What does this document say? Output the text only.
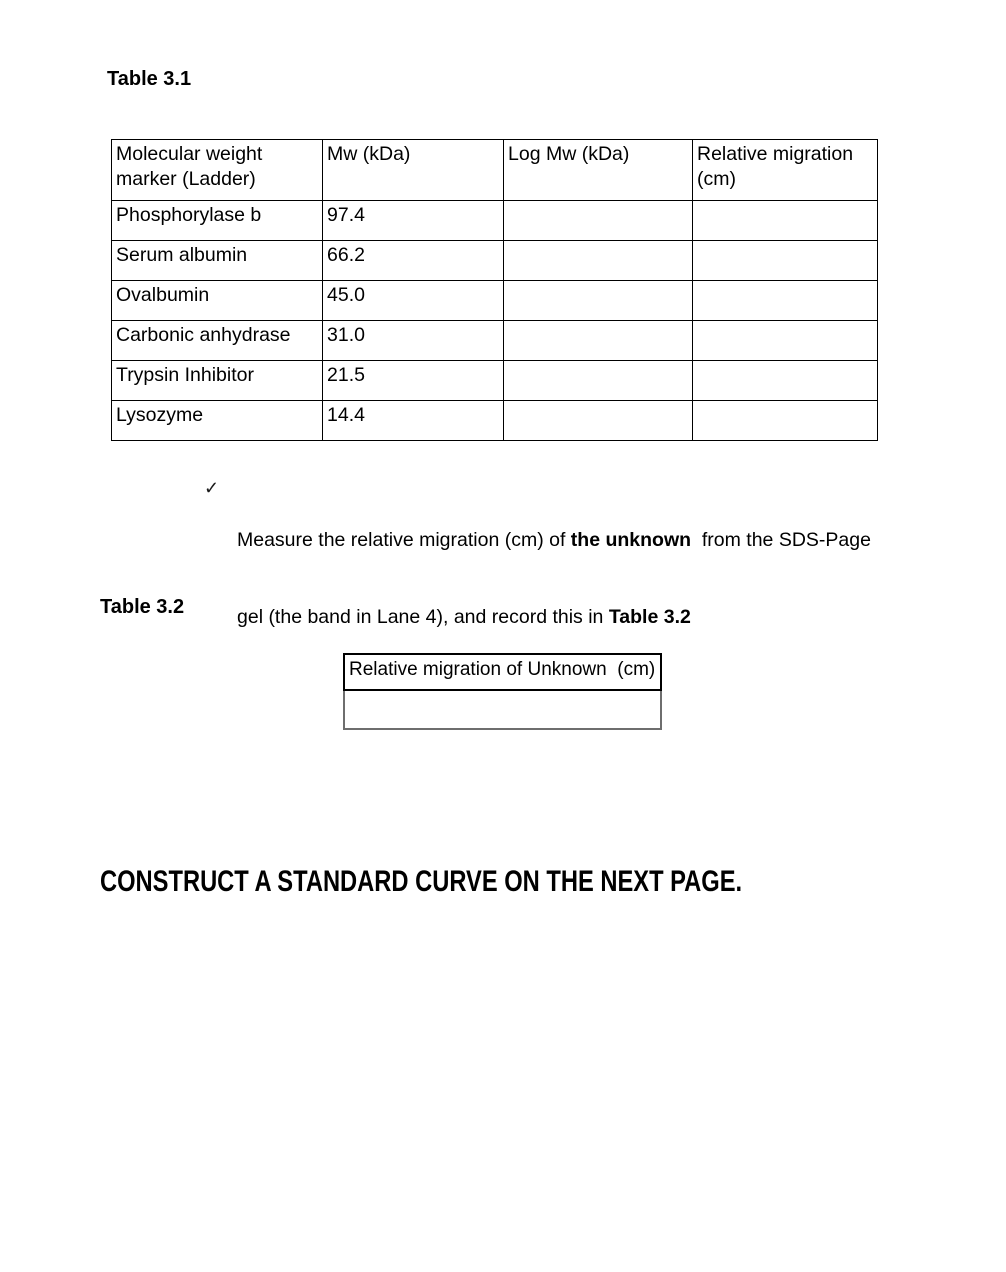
Table 3.1
Molecular weight marker (Ladder)	Mw (kDa)	Log Mw (kDa)	Relative migration (cm)
Phosphorylase b	97.4		
Serum albumin	66.2		
Ovalbumin	45.0		
Carbonic anhydrase	31.0		
Trypsin Inhibitor	21.5		
Lysozyme	14.4		
✓

Measure the relative migration (cm) of the unknown  from the SDS-Page

gel (the band in Lane 4), and record this in Table 3.2

Table 3.2
Relative migration of Unknown  (cm)
CONSTRUCT A STANDARD CURVE ON THE NEXT PAGE.
